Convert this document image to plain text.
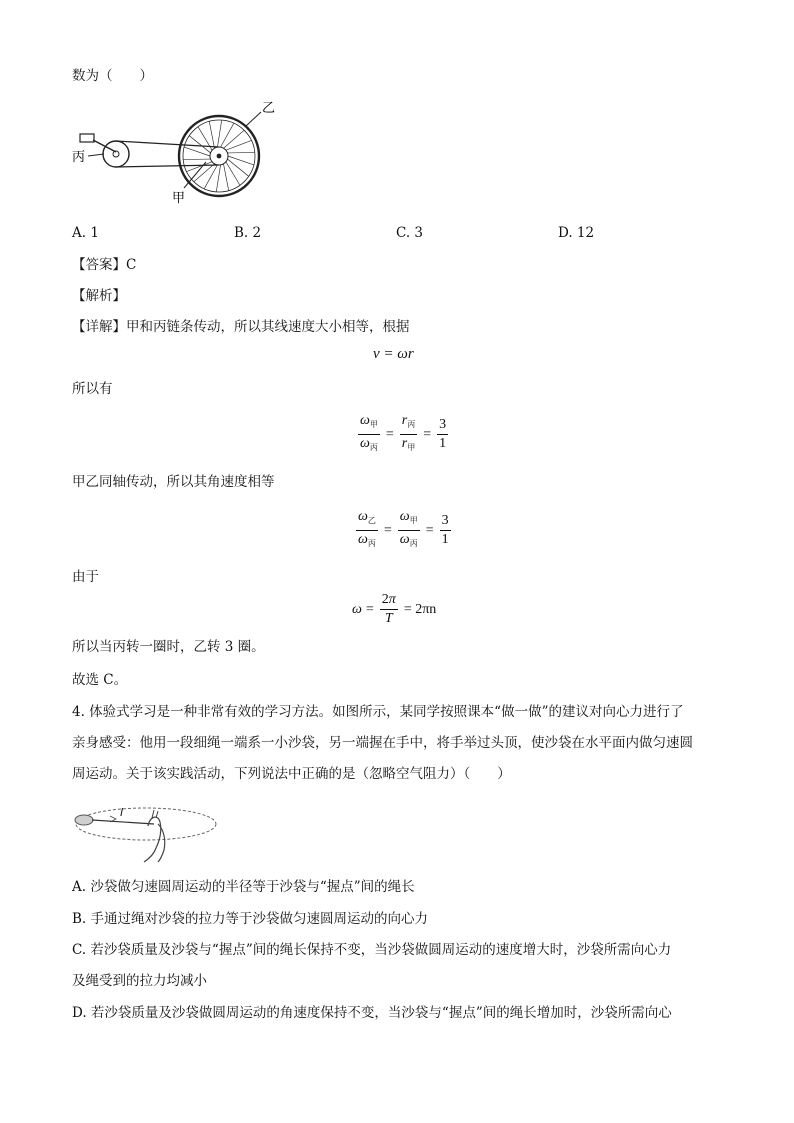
数为（　　）
乙
丙
甲
A. 1	B. 2	C. 3	D. 12
【答案】C
【解析】
【详解】甲和丙链条传动，所以其线速度大小相等，根据
v = ωr
所以有
$\frac{\omega_甲}{\omega_丙} = \frac{r_丙}{r_甲} = \frac{3}{1}$
甲乙同轴传动，所以其角速度相等
$\frac{\omega_乙}{\omega_丙} = \frac{\omega_甲}{\omega_丙} = \frac{3}{1}$
由于
$\omega = \frac{2\pi}{T} = 2\pi n$
所以当丙转一圈时，乙转 3 圈。
故选 C。
4. 体验式学习是一种非常有效的学习方法。如图所示，某同学按照课本“做一做”的建议对向心力进行了
亲身感受：他用一段细绳一端系一小沙袋，另一端握在手中，将手举过头顶，使沙袋在水平面内做匀速圆
周运动。关于该实践活动，下列说法中正确的是（忽略空气阻力）（　　）
l
A. 沙袋做匀速圆周运动的半径等于沙袋与“握点”间的绳长
B. 手通过绳对沙袋的拉力等于沙袋做匀速圆周运动的向心力
C. 若沙袋质量及沙袋与“握点”间的绳长保持不变，当沙袋做圆周运动的速度增大时，沙袋所需向心力
及绳受到的拉力均减小
D. 若沙袋质量及沙袋做圆周运动的角速度保持不变，当沙袋与“握点”间的绳长增加时，沙袋所需向心
